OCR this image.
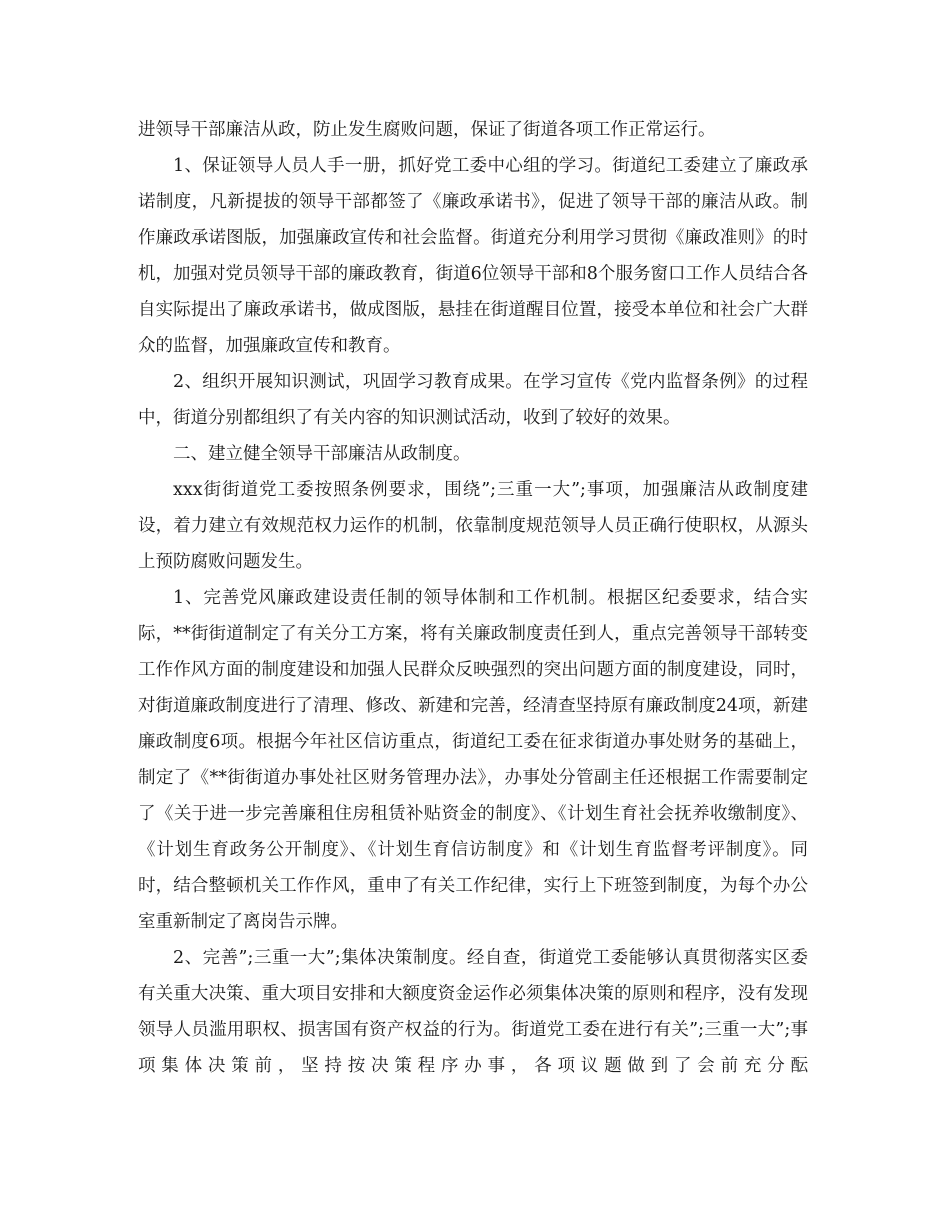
进领导干部廉洁从政，防止发生腐败问题，保证了街道各项工作正常运行。

1、保证领导人员人手一册，抓好党工委中心组的学习。街道纪工委建立了廉政承诺制度，凡新提拔的领导干部都签了《廉政承诺书》，促进了领导干部的廉洁从政。制作廉政承诺图版，加强廉政宣传和社会监督。街道充分利用学习贯彻《廉政准则》的时机，加强对党员领导干部的廉政教育，街道6位领导干部和8个服务窗口工作人员结合各自实际提出了廉政承诺书，做成图版，悬挂在街道醒目位置，接受本单位和社会广大群众的监督，加强廉政宣传和教育。

2、组织开展知识测试，巩固学习教育成果。在学习宣传《党内监督条例》的过程中，街道分别都组织了有关内容的知识测试活动，收到了较好的效果。

二、建立健全领导干部廉洁从政制度。

xxx街街道党工委按照条例要求，围绕”;三重一大”;事项，加强廉洁从政制度建设，着力建立有效规范权力运作的机制，依靠制度规范领导人员正确行使职权，从源头上预防腐败问题发生。

1、完善党风廉政建设责任制的领导体制和工作机制。根据区纪委要求，结合实际，**街街道制定了有关分工方案，将有关廉政制度责任到人，重点完善领导干部转变工作作风方面的制度建设和加强人民群众反映强烈的突出问题方面的制度建设，同时，对街道廉政制度进行了清理、修改、新建和完善，经清查坚持原有廉政制度24项，新建廉政制度6项。根据今年社区信访重点，街道纪工委在征求街道办事处财务的基础上，制定了《**街街道办事处社区财务管理办法》，办事处分管副主任还根据工作需要制定了《关于进一步完善廉租住房租赁补贴资金的制度》、《计划生育社会抚养收缴制度》、《计划生育政务公开制度》、《计划生育信访制度》和《计划生育监督考评制度》。同时，结合整顿机关工作作风，重申了有关工作纪律，实行上下班签到制度，为每个办公室重新制定了离岗告示牌。

2、完善”;三重一大”;集体决策制度。经自查，街道党工委能够认真贯彻落实区委有关重大决策、重大项目安排和大额度资金运作必须集体决策的原则和程序，没有发现领导人员滥用职权、损害国有资产权益的行为。街道党工委在进行有关”;三重一大”;事项集体决策前，坚持按决策程序办事，各项议题做到了会前充分酝
